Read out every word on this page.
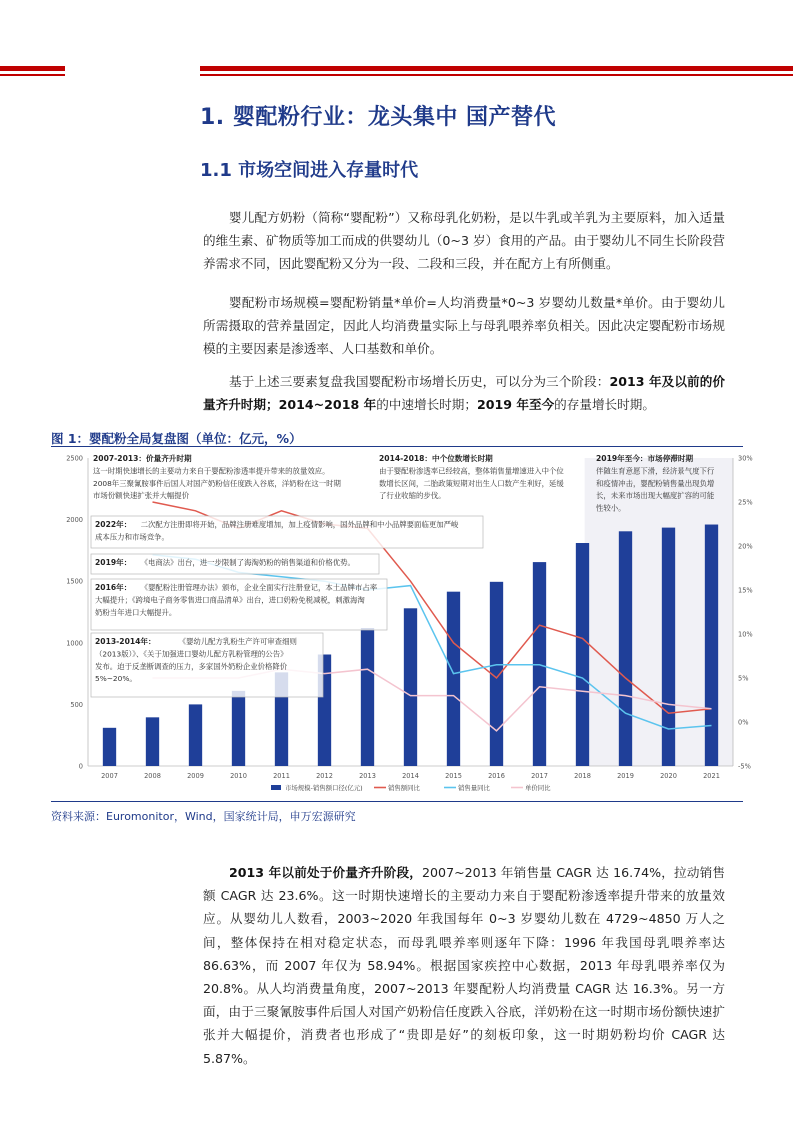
1. 婴配粉行业：龙头集中 国产替代
1.1 市场空间进入存量时代

婴儿配方奶粉（简称“婴配粉”）又称母乳化奶粉，是以牛乳或羊乳为主要原料，加入适量的维生素、矿物质等加工而成的供婴幼儿（0~3 岁）食用的产品。由于婴幼儿不同生长阶段营养需求不同，因此婴配粉又分为一段、二段和三段，并在配方上有所侧重。

婴配粉市场规模=婴配粉销量*单价=人均消费量*0~3 岁婴幼儿数量*单价。由于婴幼儿所需摄取的营养量固定，因此人均消费量实际上与母乳喂养率负相关。因此决定婴配粉市场规模的主要因素是渗透率、人口基数和单价。

基于上述三要素复盘我国婴配粉市场增长历史，可以分为三个阶段：2013 年及以前的价量齐升时期；2014~2018 年的中速增长时期；2019 年至今的存量增长时期。

图 1：婴配粉全局复盘图（单位：亿元，%）
0
500
1000
1500
2000
2500
-5%
0%
5%
10%
15%
20%
25%
30%
2007	2008	2009	2010	2011	2012	2013	2014	2015	2016	2017	2018	2019	2020	2021
2007-2013：价量齐升时期
这一时期快速增长的主要动力来自于婴配粉渗透率提升带来的放量效应。
2008年三聚氰胺事件后国人对国产奶粉信任度跌入谷底，洋奶粉在这一时期
市场份额快速扩张并大幅提价
2014-2018：中个位数增长时期
由于婴配粉渗透率已经较高，整体销售量增速进入中个位
数增长区间，二胎政策短期对出生人口数产生利好，延缓
了行业收缩的步伐。
2019年至今：市场停滞时期
伴随生育意愿下滑，经济景气度下行
和疫情冲击，婴配粉销售量出现负增
长，未来市场出现大幅度扩容的可能
性较小。
2022年： 二次配方注册即将开始，品牌注册难度增加，加上疫情影响，国外品牌和中小品牌要面临更加严峻
成本压力和市场竞争。
2019年： 《电商法》出台，进一步限制了海淘奶粉的销售渠道和价格优势。
2016年： 《婴配粉注册管理办法》颁布，企业全面实行注册登记，本土品牌市占率
大幅提升；《跨境电子商务零售进口商品清单》出台，进口奶粉免税减税，刺激海淘
奶粉当年进口大幅提升。
2013-2014年：	《婴幼儿配方乳粉生产许可审查细则
（2013版）》、《关于加强进口婴幼儿配方乳粉管理的公告》
发布。迫于反垄断调查的压力，多家国外奶粉企业价格降价
5%~20%。
市场规模-销售额口径(亿元)	销售额同比	销售量同比	单价同比
资料来源：Euromonitor，Wind，国家统计局，申万宏源研究

2013 年以前处于价量齐升阶段，2007~2013 年销售量 CAGR 达 16.74%，拉动销售额 CAGR 达 23.6%。这一时期快速增长的主要动力来自于婴配粉渗透率提升带来的放量效应。从婴幼儿人数看，2003~2020 年我国每年 0~3 岁婴幼儿数在 4729~4850 万人之间，整体保持在相对稳定状态，而母乳喂养率则逐年下降：1996 年我国母乳喂养率达 86.63%，而 2007 年仅为 58.94%。根据国家疾控中心数据，2013 年母乳喂养率仅为 20.8%。从人均消费量角度，2007~2013 年婴配粉人均消费量 CAGR 达 16.3%。另一方面，由于三聚氰胺事件后国人对国产奶粉信任度跌入谷底，洋奶粉在这一时期市场份额快速扩张并大幅提价，消费者也形成了“贵即是好”的刻板印象，这一时期奶粉均价 CAGR 达 5.87%。
